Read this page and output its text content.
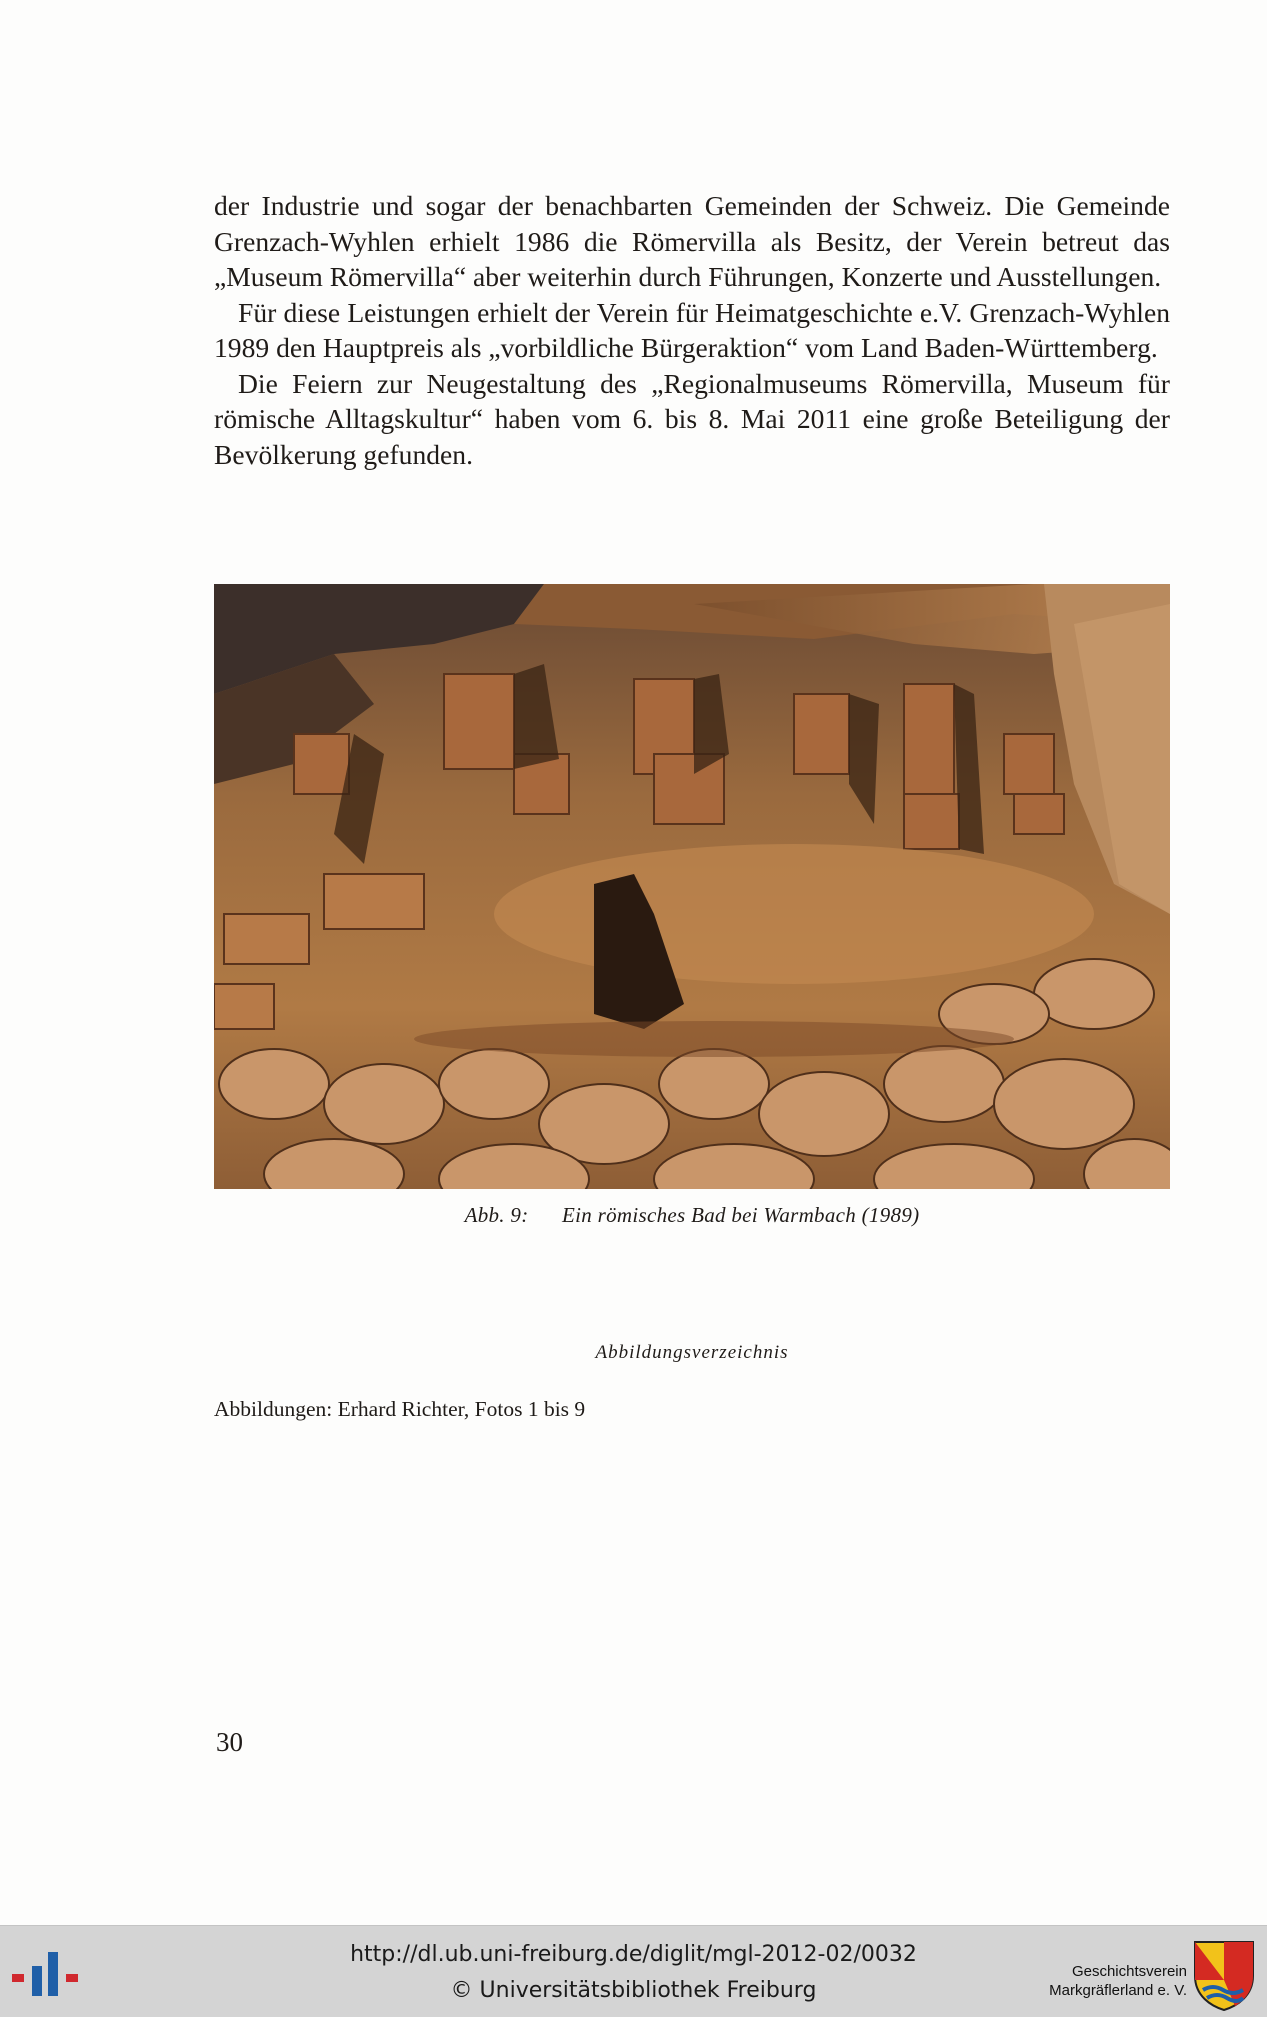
der Industrie und sogar der benachbarten Gemeinden der Schweiz. Die Gemeinde Grenzach-Wyhlen erhielt 1986 die Römervilla als Besitz, der Verein betreut das „Museum Römervilla“ aber weiterhin durch Führungen, Konzerte und Ausstellungen.

Für diese Leistungen erhielt der Verein für Heimatgeschichte e.V. Grenzach-Wyhlen 1989 den Hauptpreis als „vorbildliche Bürgeraktion“ vom Land Baden-Württemberg.

Die Feiern zur Neugestaltung des „Regionalmuseums Römervilla, Museum für römische Alltagskultur“ haben vom 6. bis 8. Mai 2011 eine große Beteiligung der Bevölkerung gefunden.

Abb. 9: Ein römisches Bad bei Warmbach (1989)
Abbildungsverzeichnis
Abbildungen: Erhard Richter, Fotos 1 bis 9
30
http://dl.ub.uni-freiburg.de/diglit/mgl-2012-02/0032
© Universitätsbibliothek Freiburg
Geschichtsverein
Markgräflerland e. V.
